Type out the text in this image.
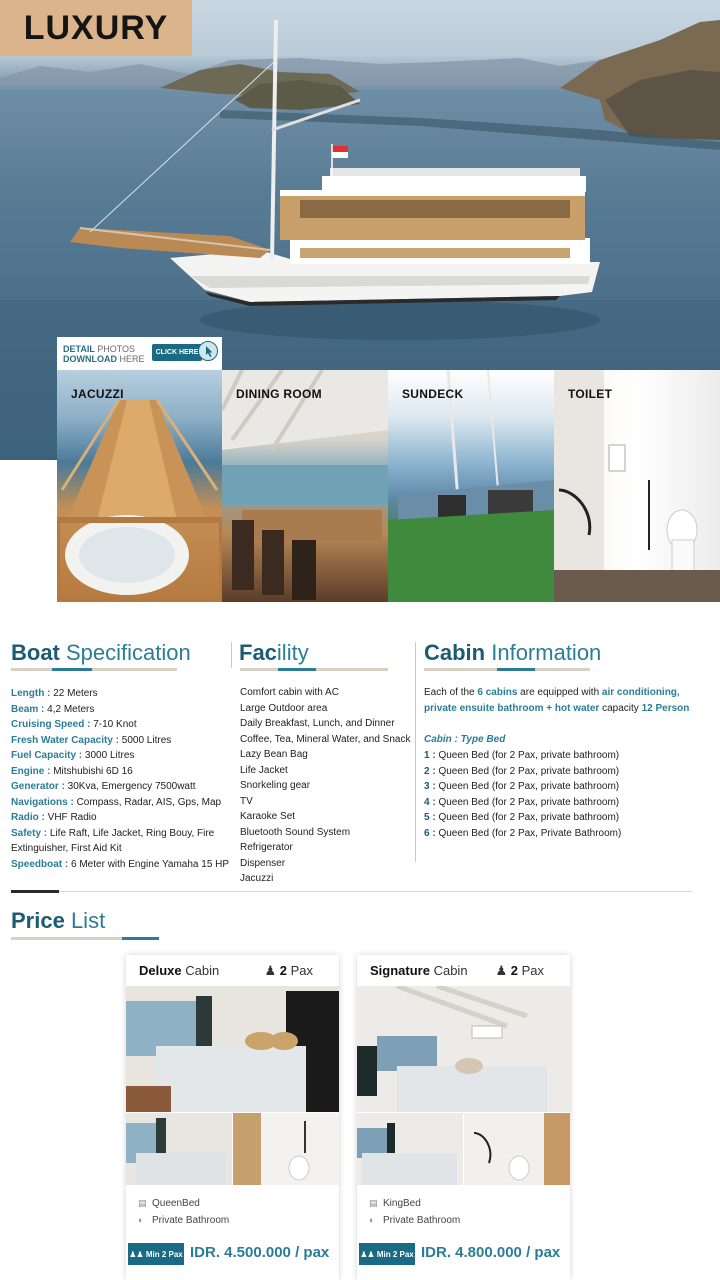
LUXURY
DETAIL PHOTOS
DOWNLOAD HERE
CLICK HERE
JACUZZI	DINING ROOM	SUNDECK	TOILET
Boat Specification Facility	Cabin Information
Length : 22 Meters
Beam : 4,2 Meters
Cruising Speed : 7-10 Knot
Fresh Water Capacity : 5000 Litres
Fuel Capacity : 3000 Litres
Engine : Mitshubishi 6D 16
Generator : 30Kva, Emergency 7500watt
Navigations : Compass, Radar, AIS, Gps, Map
Radio : VHF Radio
Safety : Life Raft, Life Jacket, Ring Bouy, Fire Extinguisher, First Aid Kit
Speedboat : 6 Meter with Engine Yamaha 15 HP
Comfort cabin with AC
Large Outdoor area
Daily Breakfast, Lunch, and Dinner
Coffee, Tea, Mineral Water, and Snack
Lazy Bean Bag
Life Jacket
Snorkeling gear
TV
Karaoke Set
Bluetooth Sound System
Refrigerator
Dispenser
Jacuzzi
Each of the 6 cabins are equipped with air conditioning, private ensuite bathroom + hot water capacity 12 Person
Cabin : Type Bed
1 : Queen Bed (for 2 Pax, private bathroom)
2 : Queen Bed (for 2 Pax, private bathroom)
3 : Queen Bed (for 2 Pax, private bathroom)
4 : Queen Bed (for 2 Pax, private bathroom)
5 : Queen Bed (for 2 Pax, private bathroom)
6 : Queen Bed (for 2 Pax, Private Bathroom)
Price List
Deluxe Cabin	♟ 2 Pax
▤ QueenBed
◐ Private Bathroom
♟♟ Min 2 Pax IDR. 4.500.000 / pax
Signature Cabin ♟ 2 Pax
▤ KingBed
◐ Private Bathroom
♟♟ Min 2 Pax IDR. 4.800.000 / pax
